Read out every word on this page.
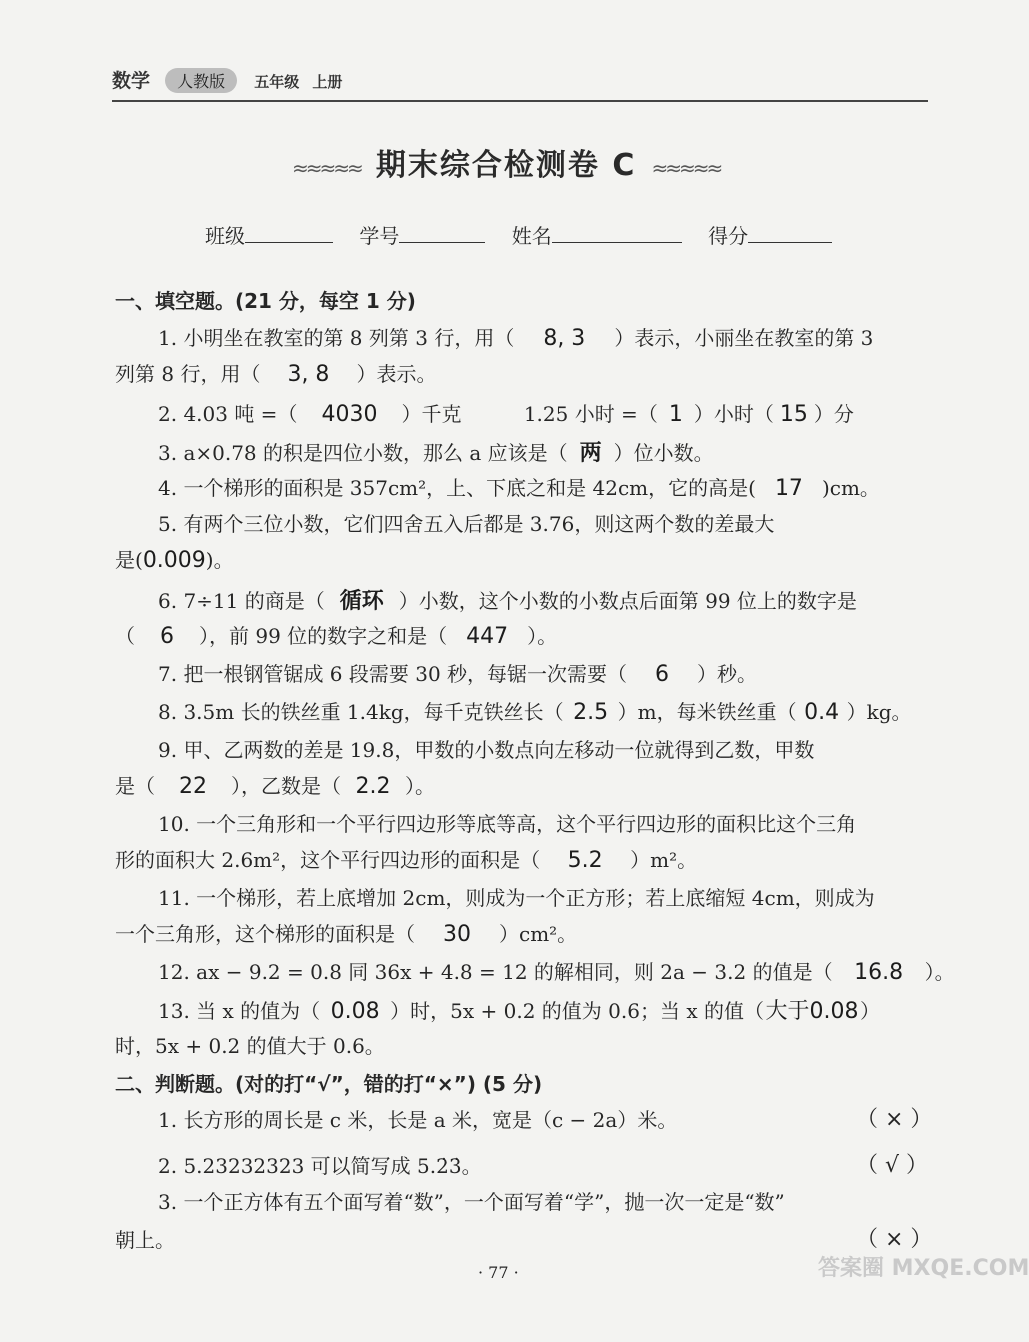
数学 人教版 五年级 上册
≈≈≈≈≈ 期末综合检测卷 C ≈≈≈≈≈
班级	学号	姓名	得分
一、填空题。(21 分，每空 1 分)
1. 小明坐在教室的第 8 列第 3 行，用（ 8, 3 ）表示，小丽坐在教室的第 3
列第 8 行，用（ 3, 8 ）表示。
2. 4.03 吨 =（ 4030 ）千克	1.25 小时 =（ 1 ）小时（ 15 ）分
3. a×0.78 的积是四位小数，那么 a 应该是（ 两 ）位小数。
4. 一个梯形的面积是 357cm²，上、下底之和是 42cm，它的高是( 17 )cm。
5. 有两个三位小数，它们四舍五入后都是 3.76，则这两个数的差最大
是(0.009)。
6. 7÷11 的商是（ 循环 ）小数，这个小数的小数点后面第 99 位上的数字是
（ 6 ），前 99 位的数字之和是（ 447 ）。
7. 把一根钢管锯成 6 段需要 30 秒，每锯一次需要（ 6 ）秒。
8. 3.5m 长的铁丝重 1.4kg，每千克铁丝长（ 2.5 ）m，每米铁丝重（ 0.4 ）kg。
9. 甲、乙两数的差是 19.8，甲数的小数点向左移动一位就得到乙数，甲数
是（ 22 ），乙数是（ 2.2 ）。
10. 一个三角形和一个平行四边形等底等高，这个平行四边形的面积比这个三角
形的面积大 2.6m²，这个平行四边形的面积是（ 5.2 ）m²。
11. 一个梯形，若上底增加 2cm，则成为一个正方形；若上底缩短 4cm，则成为
一个三角形，这个梯形的面积是（ 30 ）cm²。
12. ax − 9.2 = 0.8 同 36x + 4.8 = 12 的解相同，则 2a − 3.2 的值是（ 16.8 ）。
13. 当 x 的值为（ 0.08 ）时，5x + 0.2 的值为 0.6；当 x 的值（大于0.08）
时，5x + 0.2 的值大于 0.6。
二、判断题。(对的打“√”，错的打“×”) (5 分)
1. 长方形的周长是 c 米，长是 a 米，宽是（c − 2a）米。	（ × ）
2. 5.23232323 可以简写成 5.2̇3̇。	（ √ ）
3. 一个正方体有五个面写着“数”，一个面写着“学”，抛一次一定是“数”
朝上。	（ × ）
· 77 ·	答案圈 MXQE.COM
